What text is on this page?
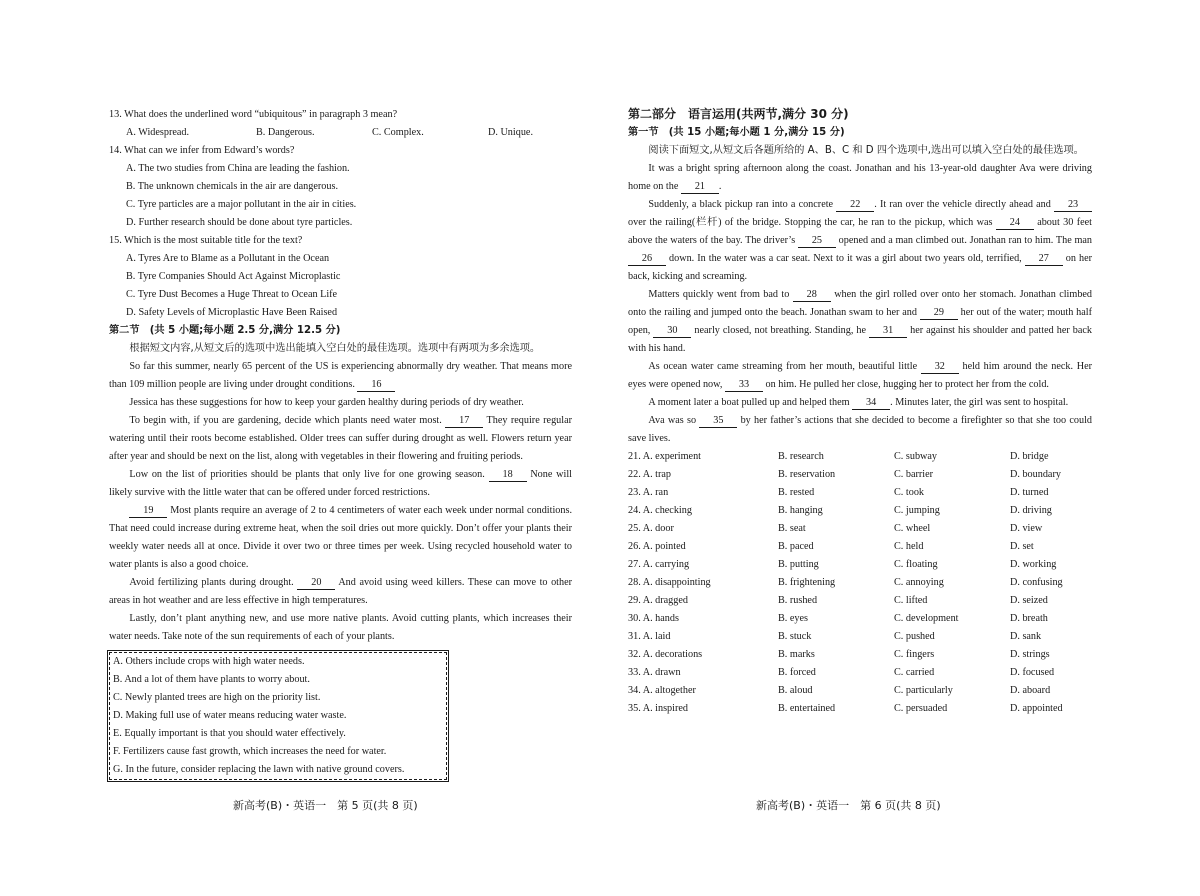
13. What does the underlined word “ubiquitous” in paragraph 3 mean?
A. Widespread.	B. Dangerous.	C. Complex.	D. Unique.
14. What can we infer from Edward’s words?
A. The two studies from China are leading the fashion.
B. The unknown chemicals in the air are dangerous.
C. Tyre particles are a major pollutant in the air in cities.
D. Further research should be done about tyre particles.
15. Which is the most suitable title for the text?
A. Tyres Are to Blame as a Pollutant in the Ocean
B. Tyre Companies Should Act Against Microplastic
C. Tyre Dust Becomes a Huge Threat to Ocean Life
D. Safety Levels of Microplastic Have Been Raised
第二节　(共 5 小题;每小题 2.5 分,满分 12.5 分)
根据短文内容,从短文后的选项中选出能填入空白处的最佳选项。选项中有两项为多余选项。
So far this summer, nearly 65 percent of the US is experiencing abnormally dry weather. That means more than 109 million people are living under drought conditions. 16
Jessica has these suggestions for how to keep your garden healthy during periods of dry weather.
To begin with, if you are gardening, decide which plants need water most. 17 They require regular watering until their roots become established. Older trees can suffer during drought as well. Flowers return year after year and should be next on the list, along with vegetables in their flowering and fruiting periods.
Low on the list of priorities should be plants that only live for one growing season. 18 None will likely survive with the little water that can be offered under forced restrictions.
19 Most plants require an average of 2 to 4 centimeters of water each week under normal conditions. That need could increase during extreme heat, when the soil dries out more quickly. Don’t offer your plants their weekly water needs all at once. Divide it over two or three times per week. Using recycled household water to water plants is also a good choice.
Avoid fertilizing plants during drought. 20 And avoid using weed killers. These can move to other areas in hot weather and are less effective in high temperatures.
Lastly, don’t plant anything new, and use more native plants. Avoid cutting plants, which increases their water needs. Take note of the sun requirements of each of your plants.
A. Others include crops with high water needs.
B. And a lot of them have plants to worry about.
C. Newly planted trees are high on the priority list.
D. Making full use of water means reducing water waste.
E. Equally important is that you should water effectively.
F. Fertilizers cause fast growth, which increases the need for water.
G. In the future, consider replacing the lawn with native ground covers.
第二部分　语言运用(共两节,满分 30 分)
第一节　(共 15 小题;每小题 1 分,满分 15 分)
阅读下面短文,从短文后各题所给的 A、B、C 和 D 四个选项中,选出可以填入空白处的最佳选项。
It was a bright spring afternoon along the coast. Jonathan and his 13-year-old daughter Ava were driving home on the 21 .
Suddenly, a black pickup ran into a concrete 22 . It ran over the vehicle directly ahead and 23 over the railing(栏杆) of the bridge. Stopping the car, he ran to the pickup, which was 24 about 30 feet above the waters of the bay. The driver’s 25 opened and a man climbed out. Jonathan ran to him. The man 26 down. In the water was a car seat. Next to it was a girl about two years old, terrified, 27 on her back, kicking and screaming.
Matters quickly went from bad to 28 when the girl rolled over onto her stomach. Jonathan climbed onto the railing and jumped onto the beach. Jonathan swam to her and 29 her out of the water; mouth half open, 30 nearly closed, not breathing. Standing, he 31 her against his shoulder and patted her back with his hand.
As ocean water came streaming from her mouth, beautiful little 32 held him around the neck. Her eyes were opened now, 33 on him. He pulled her close, hugging her to protect her from the cold.
A moment later a boat pulled up and helped them 34 . Minutes later, the girl was sent to hospital.
Ava was so 35 by her father’s actions that she decided to become a firefighter so that she too could save lives.
21. A. experiment	B. research	C. subway	D. bridge
22. A. trap	B. reservation	C. barrier	D. boundary
23. A. ran	B. rested	C. took	D. turned
24. A. checking	B. hanging	C. jumping	D. driving
25. A. door	B. seat	C. wheel	D. view
26. A. pointed	B. paced	C. held	D. set
27. A. carrying	B. putting	C. floating	D. working
28. A. disappointing	B. frightening	C. annoying	D. confusing
29. A. dragged	B. rushed	C. lifted	D. seized
30. A. hands	B. eyes	C. development	D. breath
31. A. laid	B. stuck	C. pushed	D. sank
32. A. decorations	B. marks	C. fingers	D. strings
33. A. drawn	B. forced	C. carried	D. focused
34. A. altogether	B. aloud	C. particularly	D. aboard
35. A. inspired	B. entertained	C. persuaded	D. appointed
新高考(B)・英语一　第 5 页(共 8 页)	新高考(B)・英语一　第 6 页(共 8 页)
